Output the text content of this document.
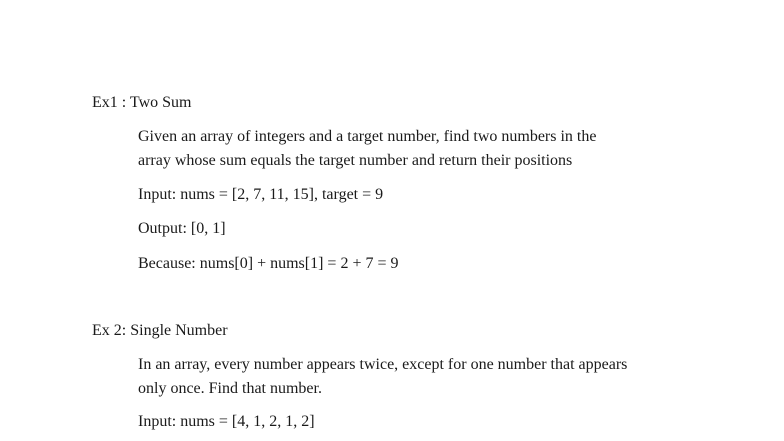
Ex1 : Two Sum
Given an array of integers and a target number, find two numbers in the
array whose sum equals the target number and return their positions
Input: nums = [2, 7, 11, 15], target = 9
Output: [0, 1]
Because: nums[0] + nums[1] = 2 + 7 = 9
Ex 2: Single Number
In an array, every number appears twice, except for one number that appears
only once. Find that number.
Input: nums = [4, 1, 2, 1, 2]
